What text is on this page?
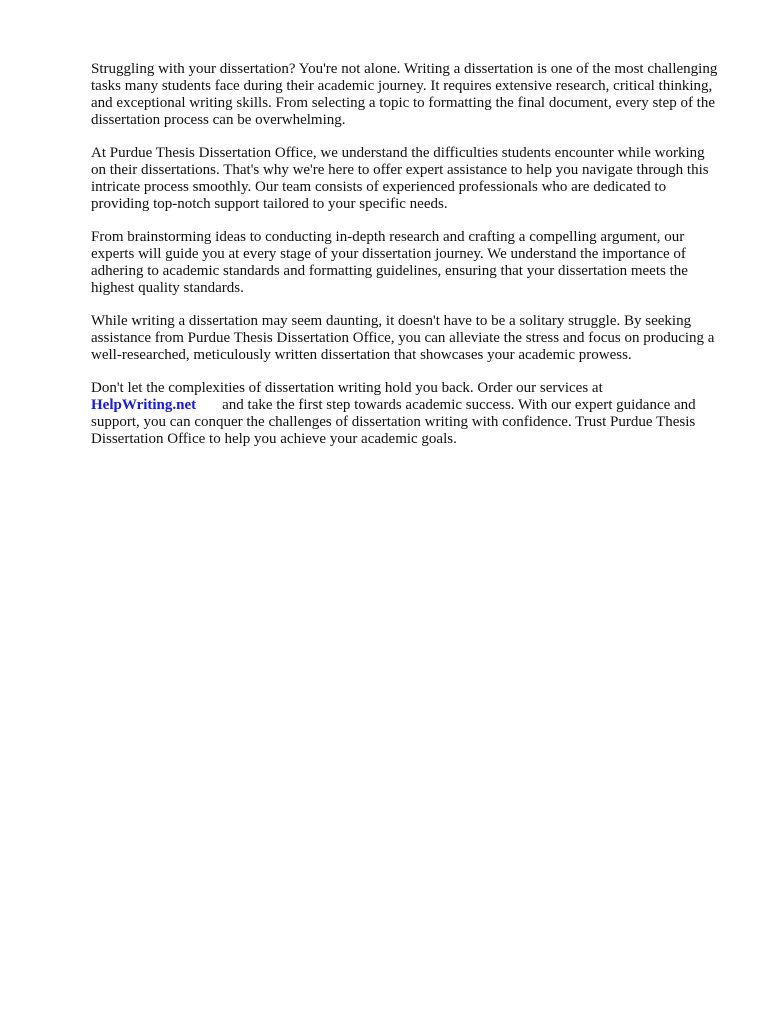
Struggling with your dissertation? You're not alone. Writing a dissertation is one of the most challenging tasks many students face during their academic journey. It requires extensive research, critical thinking, and exceptional writing skills. From selecting a topic to formatting the final document, every step of the dissertation process can be overwhelming.

At Purdue Thesis Dissertation Office, we understand the difficulties students encounter while working on their dissertations. That's why we're here to offer expert assistance to help you navigate through this intricate process smoothly. Our team consists of experienced professionals who are dedicated to providing top-notch support tailored to your specific needs.

From brainstorming ideas to conducting in-depth research and crafting a compelling argument, our experts will guide you at every stage of your dissertation journey. We understand the importance of adhering to academic standards and formatting guidelines, ensuring that your dissertation meets the highest quality standards.

While writing a dissertation may seem daunting, it doesn't have to be a solitary struggle. By seeking assistance from Purdue Thesis Dissertation Office, you can alleviate the stress and focus on producing a well-researched, meticulously written dissertation that showcases your academic prowess.

Don't let the complexities of dissertation writing hold you back. Order our services at
HelpWriting.net and take the first step towards academic success. With our expert guidance and support, you can conquer the challenges of dissertation writing with confidence. Trust Purdue Thesis Dissertation Office to help you achieve your academic goals.
